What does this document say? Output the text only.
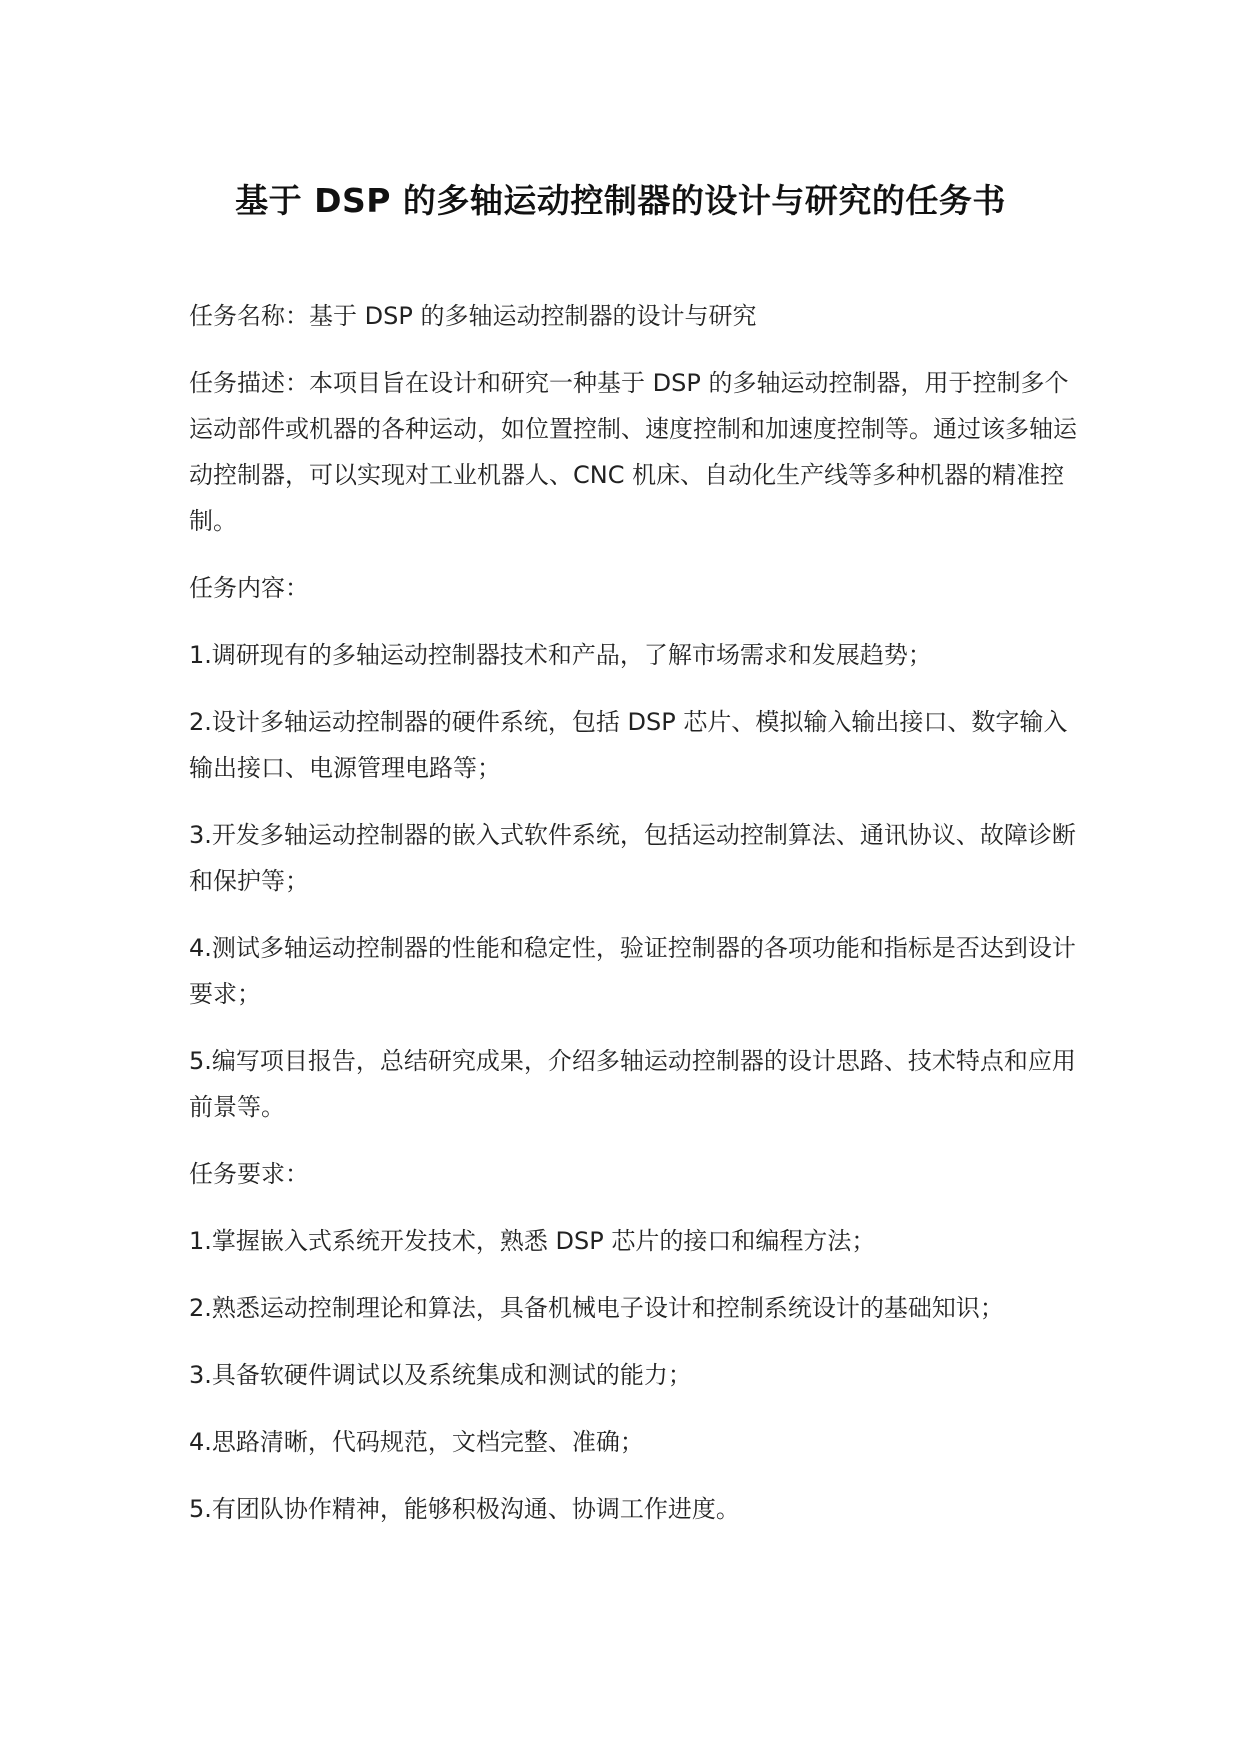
基于 DSP 的多轴运动控制器的设计与研究的任务书

任务名称：基于 DSP 的多轴运动控制器的设计与研究

任务描述：本项目旨在设计和研究一种基于 DSP 的多轴运动控制器，用于控制多个运动部件或机器的各种运动，如位置控制、速度控制和加速度控制等。通过该多轴运动控制器，可以实现对工业机器人、CNC 机床、自动化生产线等多种机器的精准控制。

任务内容：

1.调研现有的多轴运动控制器技术和产品，了解市场需求和发展趋势；

2.设计多轴运动控制器的硬件系统，包括 DSP 芯片、模拟输入输出接口、数字输入输出接口、电源管理电路等；

3.开发多轴运动控制器的嵌入式软件系统，包括运动控制算法、通讯协议、故障诊断和保护等；

4.测试多轴运动控制器的性能和稳定性，验证控制器的各项功能和指标是否达到设计要求；

5.编写项目报告，总结研究成果，介绍多轴运动控制器的设计思路、技术特点和应用前景等。

任务要求：

1.掌握嵌入式系统开发技术，熟悉 DSP 芯片的接口和编程方法；

2.熟悉运动控制理论和算法，具备机械电子设计和控制系统设计的基础知识；

3.具备软硬件调试以及系统集成和测试的能力；

4.思路清晰，代码规范，文档完整、准确；

5.有团队协作精神，能够积极沟通、协调工作进度。
